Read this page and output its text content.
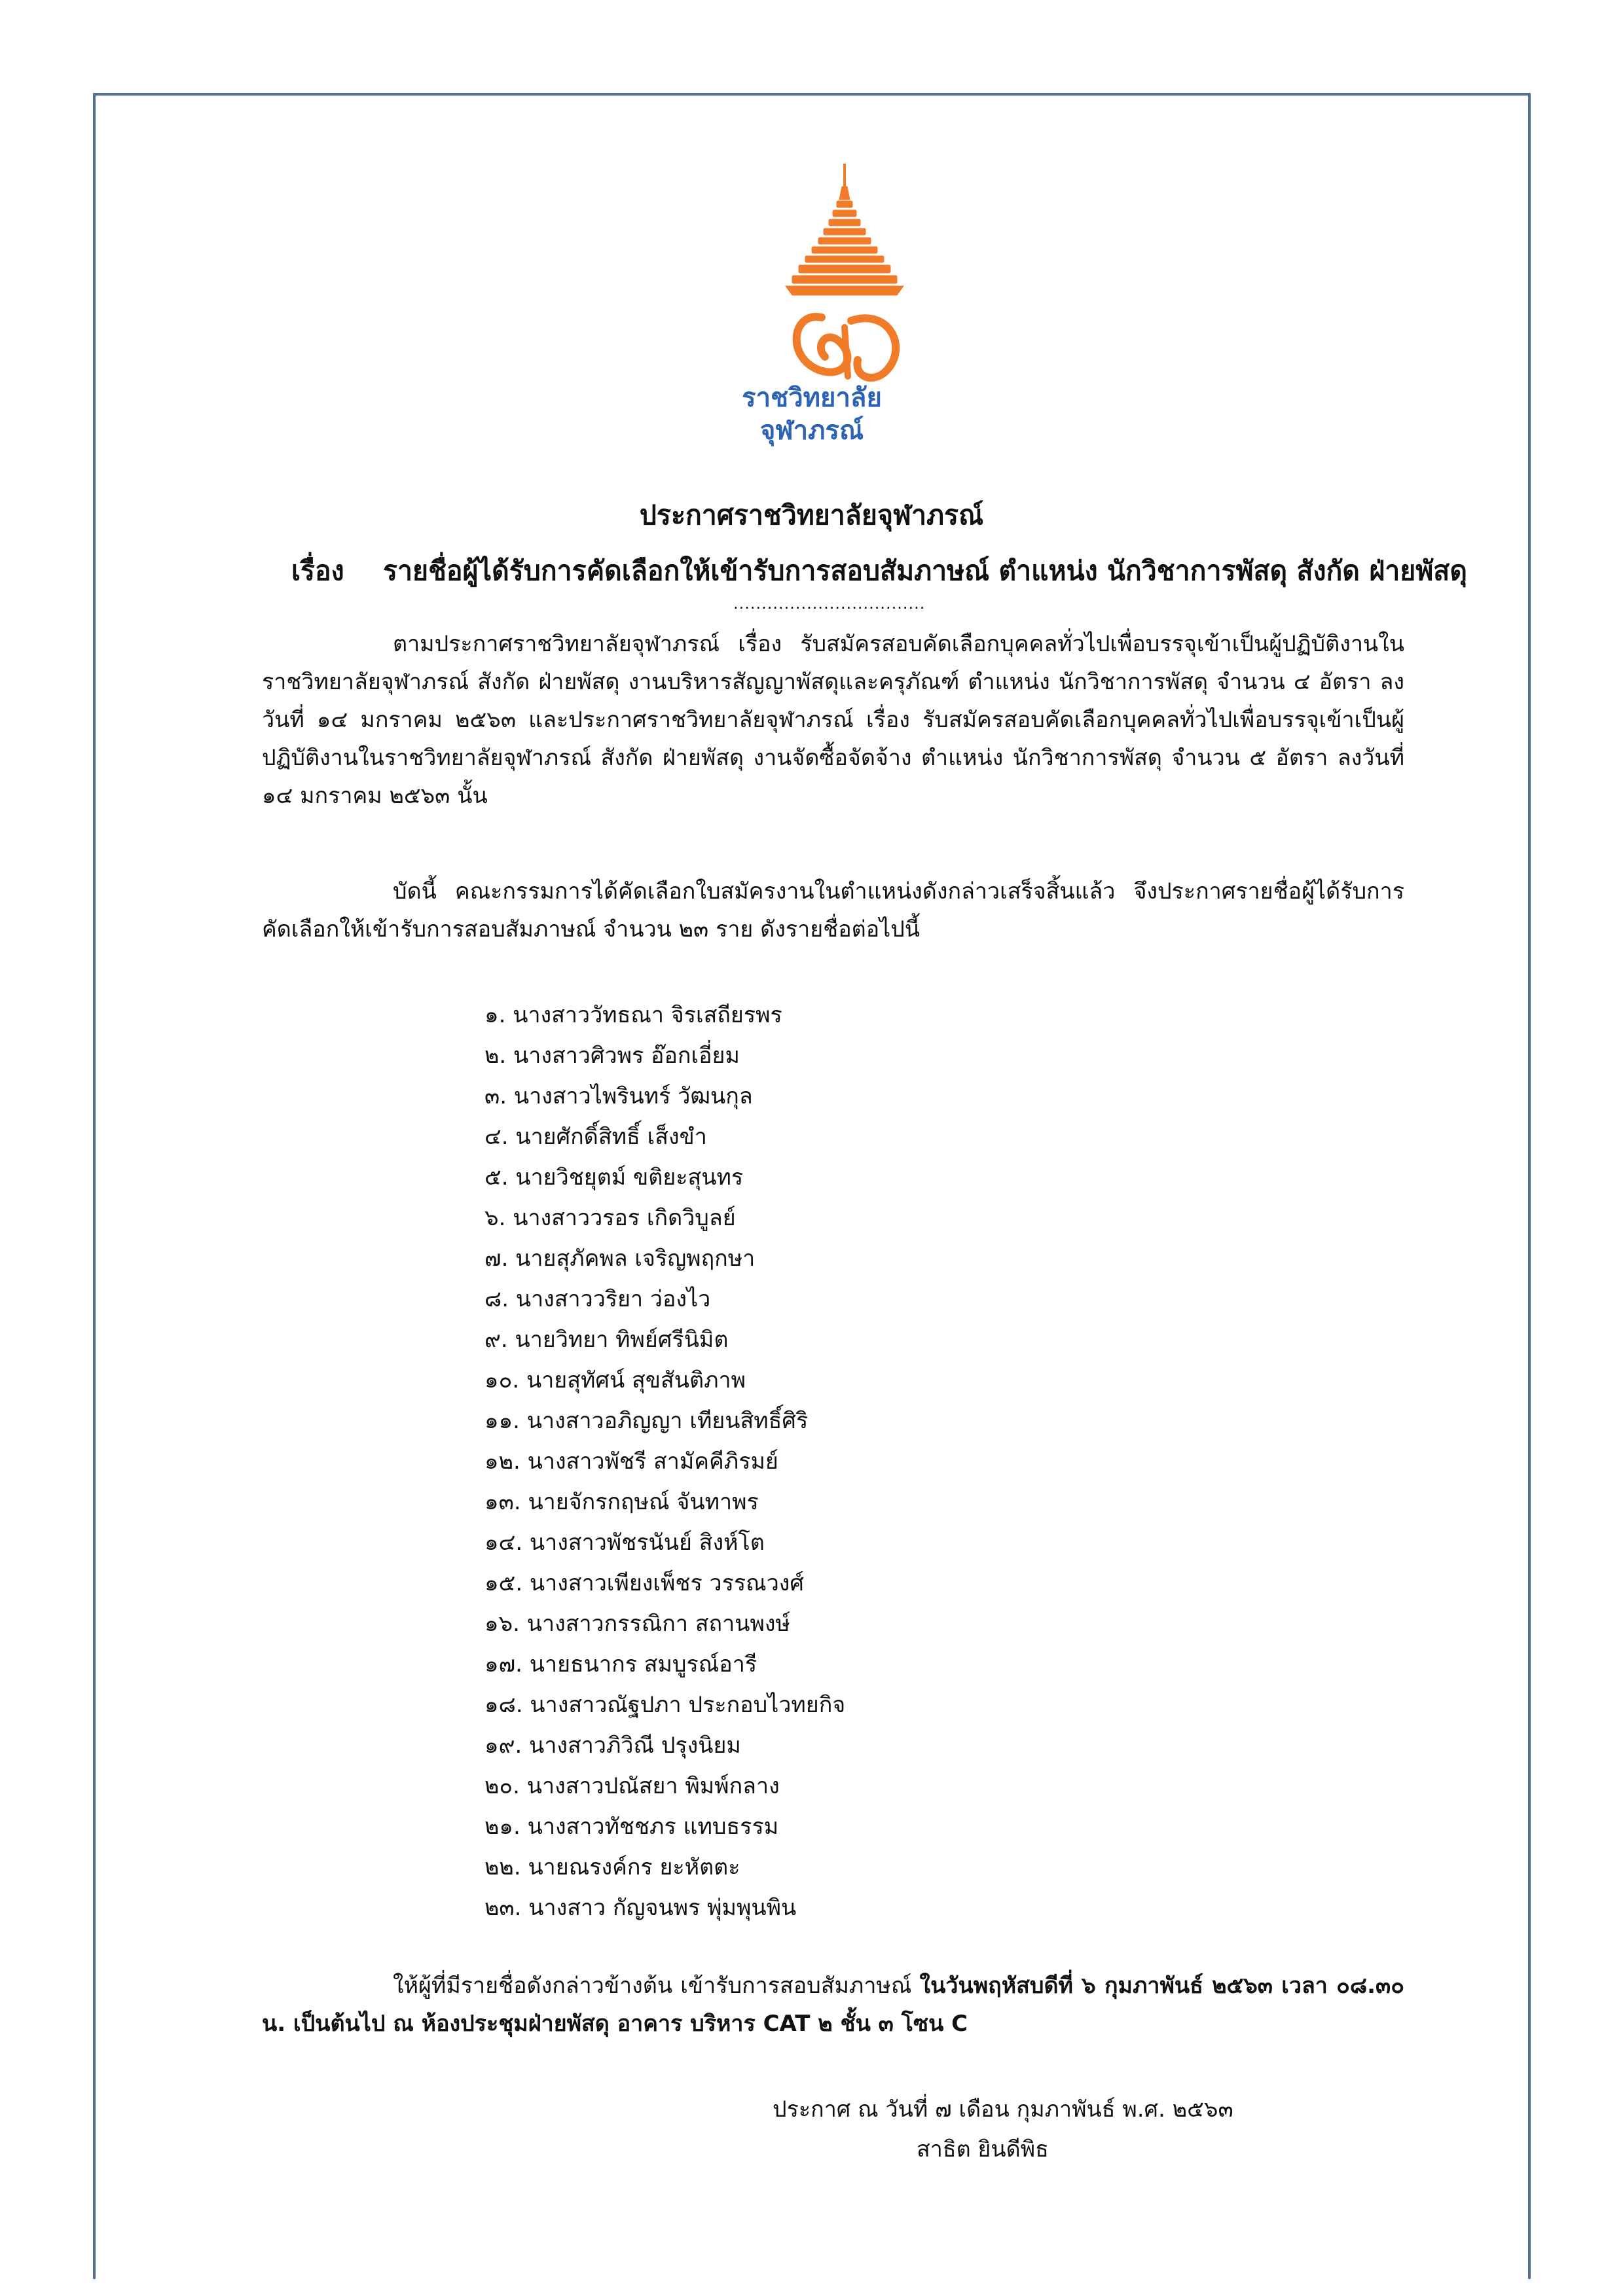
ราชวิทยาลัย
จุฬาภรณ์
ประกาศราชวิทยาลัยจุฬาภรณ์
เรื่อง รายชื่อผู้ได้รับการคัดเลือกให้เข้ารับการสอบสัมภาษณ์ ตำแหน่ง นักวิชาการพัสดุ สังกัด ฝ่ายพัสดุ
..................................

ตามประกาศราชวิทยาลัยจุฬาภรณ์ เรื่อง รับสมัครสอบคัดเลือกบุคคลทั่วไปเพื่อบรรจุเข้าเป็นผู้ปฏิบัติงานในราชวิทยาลัยจุฬาภรณ์ สังกัด ฝ่ายพัสดุ งานบริหารสัญญาพัสดุและครุภัณฑ์ ตำแหน่ง นักวิชาการพัสดุ จำนวน ๔ อัตรา ลงวันที่ ๑๔ มกราคม ๒๕๖๓ และประกาศราชวิทยาลัยจุฬาภรณ์ เรื่อง รับสมัครสอบคัดเลือกบุคคลทั่วไปเพื่อบรรจุเข้าเป็นผู้ปฏิบัติงานในราชวิทยาลัยจุฬาภรณ์ สังกัด ฝ่ายพัสดุ งานจัดซื้อจัดจ้าง ตำแหน่ง นักวิชาการพัสดุ จำนวน ๕ อัตรา ลงวันที่ ๑๔ มกราคม ๒๕๖๓ นั้น

บัดนี้ คณะกรรมการได้คัดเลือกใบสมัครงานในตำแหน่งดังกล่าวเสร็จสิ้นแล้ว จึงประกาศรายชื่อผู้ได้รับการคัดเลือกให้เข้ารับการสอบสัมภาษณ์ จำนวน ๒๓ ราย ดังรายชื่อต่อไปนี้

๑. นางสาววัทธณา จิรเสถียรพร
๒. นางสาวศิวพร อ๊อกเอี่ยม
๓. นางสาวไพรินทร์ วัฒนกุล
๔. นายศักดิ์สิทธิ์ เส็งขำ
๕. นายวิชยุตม์ ขติยะสุนทร
๖. นางสาววรอร เกิดวิบูลย์
๗. นายสุภัคพล เจริญพฤกษา
๘. นางสาววริยา ว่องไว
๙. นายวิทยา ทิพย์ศรีนิมิต
๑๐. นายสุทัศน์ สุขสันติภาพ
๑๑. นางสาวอภิญญา เทียนสิทธิ์ศิริ
๑๒. นางสาวพัชรี สามัคคีภิรมย์
๑๓. นายจักรกฤษณ์ จันทาพร
๑๔. นางสาวพัชรนันย์ สิงห์โต
๑๕. นางสาวเพียงเพ็ชร วรรณวงศ์
๑๖. นางสาวกรรณิกา สถานพงษ์
๑๗. นายธนากร สมบูรณ์อารี
๑๘. นางสาวณัฐปภา ประกอบไวทยกิจ
๑๙. นางสาวภิวิณี ปรุงนิยม
๒๐. นางสาวปณัสยา พิมพ์กลาง
๒๑. นางสาวทัชชภร แทบธรรม
๒๒. นายณรงค์กร ยะหัตตะ
๒๓. นางสาว กัญจนพร พุ่มพุนพิน

ให้ผู้ที่มีรายชื่อดังกล่าวข้างต้น เข้ารับการสอบสัมภาษณ์ ในวันพฤหัสบดีที่ ๖ กุมภาพันธ์ ๒๕๖๓ เวลา ๐๘.๓๐ น. เป็นต้นไป ณ ห้องประชุมฝ่ายพัสดุ อาคาร บริหาร CAT ๒ ชั้น ๓ โซน C

ประกาศ ณ วันที่ ๗ เดือน กุมภาพันธ์ พ.ศ. ๒๕๖๓
สาธิต ยินดีพิธ
